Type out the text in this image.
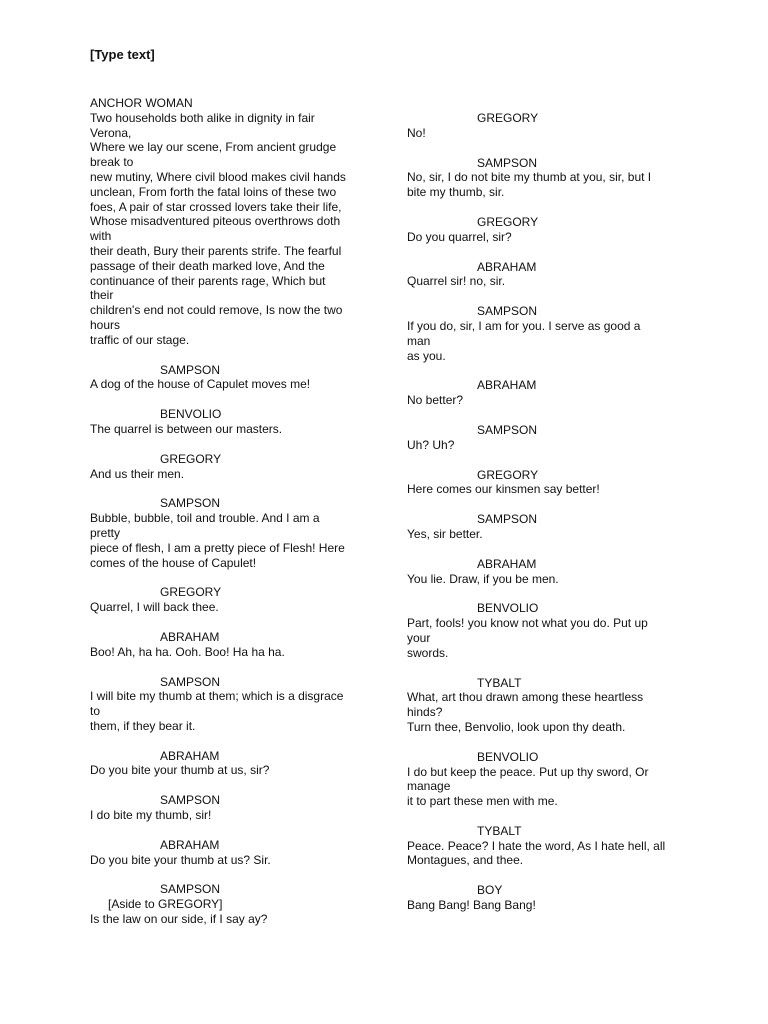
[Type text]
ANCHOR WOMAN
Two households both alike in dignity in fair
Verona,
Where we lay our scene, From ancient grudge
break to
new mutiny, Where civil blood makes civil hands
unclean, From forth the fatal loins of these two
foes, A pair of star crossed lovers take their life,
Whose misadventured piteous overthrows doth
with
their death, Bury their parents strife. The fearful
passage of their death marked love, And the
continuance of their parents rage, Which but
their
children's end not could remove, Is now the two
hours
traffic of our stage.
SAMPSON
A dog of the house of Capulet moves me!
BENVOLIO
The quarrel is between our masters.
GREGORY
And us their men.
SAMPSON
Bubble, bubble, toil and trouble. And I am a
pretty
piece of flesh, I am a pretty piece of Flesh! Here
comes of the house of Capulet!
GREGORY
Quarrel, I will back thee.
ABRAHAM
Boo! Ah, ha ha. Ooh. Boo! Ha ha ha.
SAMPSON
I will bite my thumb at them; which is a disgrace
to
them, if they bear it.
ABRAHAM
Do you bite your thumb at us, sir?
SAMPSON
I do bite my thumb, sir!
ABRAHAM
Do you bite your thumb at us? Sir.
SAMPSON
[Aside to GREGORY]
Is the law on our side, if I say ay?
GREGORY
No!
SAMPSON
No, sir, I do not bite my thumb at you, sir, but I
bite my thumb, sir.
GREGORY
Do you quarrel, sir?
ABRAHAM
Quarrel sir! no, sir.
SAMPSON
If you do, sir, I am for you. I serve as good a
man
as you.
ABRAHAM
No better?
SAMPSON
Uh? Uh?
GREGORY
Here comes our kinsmen say better!
SAMPSON
Yes, sir better.
ABRAHAM
You lie. Draw, if you be men.
BENVOLIO
Part, fools! you know not what you do. Put up
your
swords.
TYBALT
What, art thou drawn among these heartless
hinds?
Turn thee, Benvolio, look upon thy death.
BENVOLIO
I do but keep the peace. Put up thy sword, Or
manage
it to part these men with me.
TYBALT
Peace. Peace? I hate the word, As I hate hell, all
Montagues, and thee.
BOY
Bang Bang! Bang Bang!
